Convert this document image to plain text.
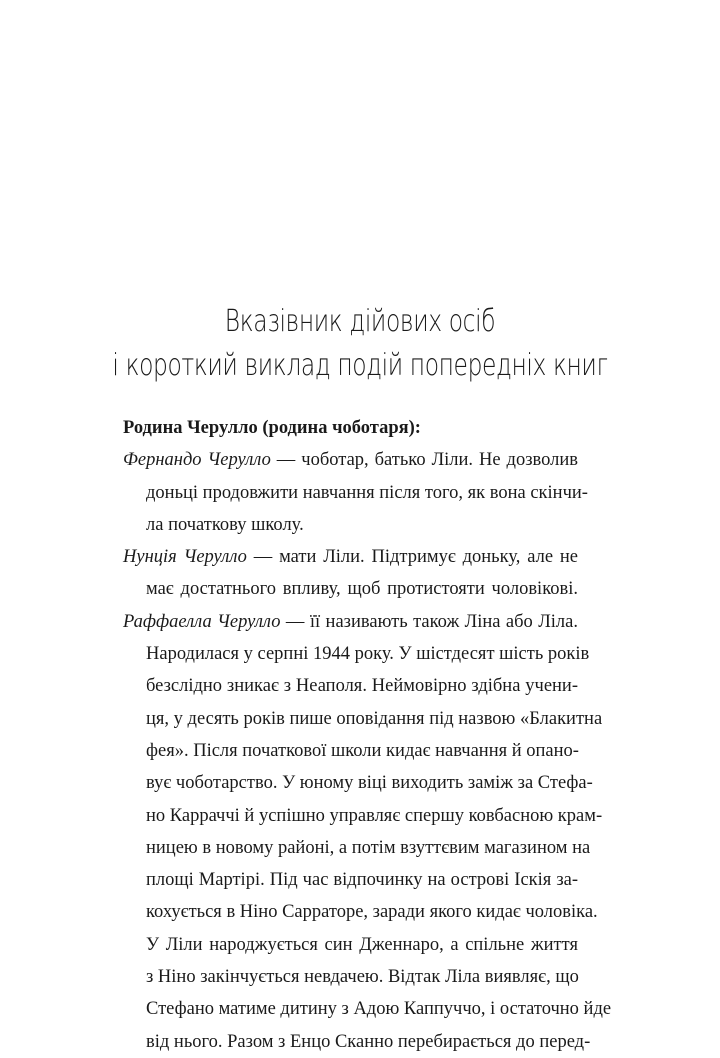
Вказівник дійових осіб
і короткий виклад подій попередніх книг
Родина Черулло (родина чоботаря):
Фернандо Черулло — чоботар, батько Ліли. Не дозволив
доньці продовжити навчання після того, як вона скінчи-
ла початкову школу.
Нунція Черулло — мати Ліли. Підтримує доньку, але не
має достатнього впливу, щоб протистояти чоловікові.
Раффаелла Черулло — її називають також Ліна або Ліла.
Народилася у серпні 1944 року. У шістдесят шість років
безслідно зникає з Неаполя. Неймовірно здібна учени-
ця, у десять років пише оповідання під назвою «Блакитна
фея». Після початкової школи кидає навчання й опано-
вує чоботарство. У юному віці виходить заміж за Стефа-
но Карраччі й успішно управляє спершу ковбасною крам-
ницею в новому районі, а потім взуттєвим магазином на
площі Мартірі. Під час відпочинку на острові Іскія за-
кохується в Ніно Сарраторе, заради якого кидає чоловіка.
У Ліли народжується син Дженнаро, а спільне життя
з Ніно закінчується невдачею. Відтак Ліла виявляє, що
Стефано матиме дитину з Адою Каппуччо, і остаточно йде
від нього. Разом з Енцо Сканно перебирається до перед-
